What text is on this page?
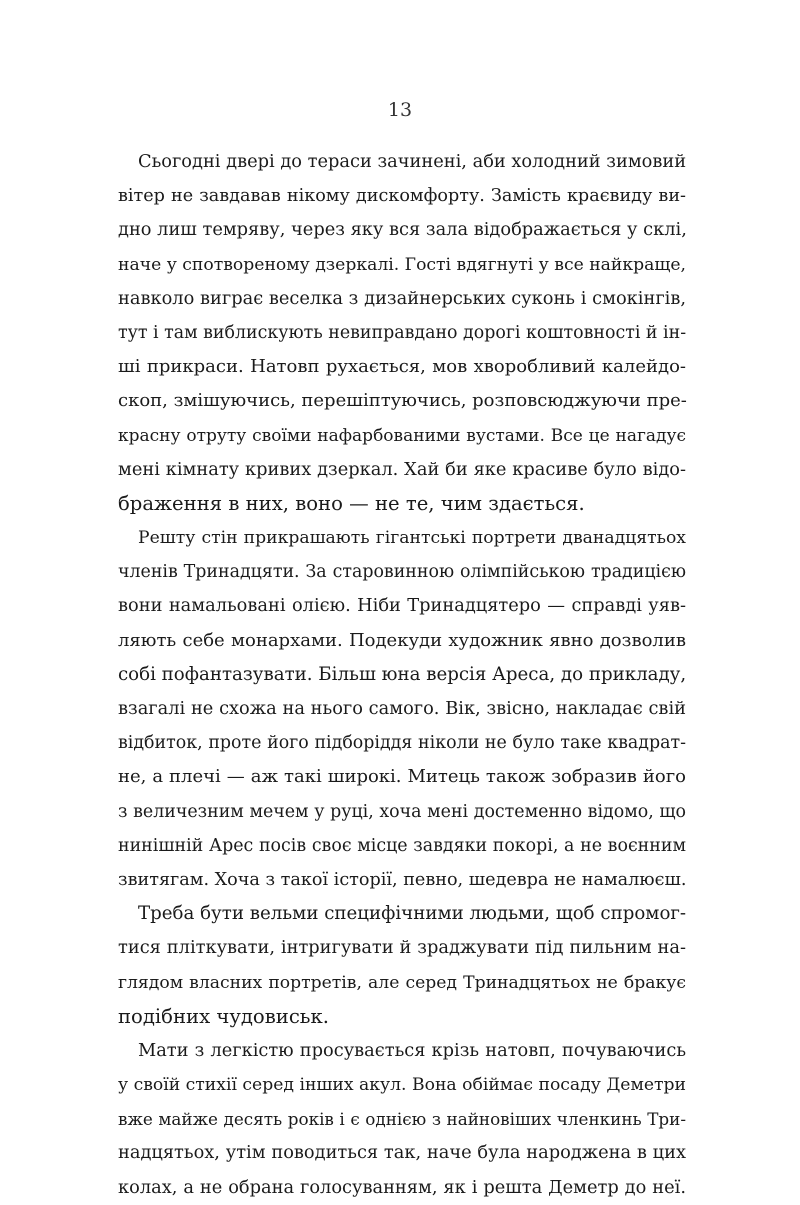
13
Сьогодні двері до тераси зачинені, аби холодний зимовий
вітер не завдавав нікому дискомфорту. Замість краєвиду ви-
дно лиш темряву, через яку вся зала відображається у склі,
наче у спотвореному дзеркалі. Гості вдягнуті у все найкраще,
навколо виграє веселка з дизайнерських суконь і смокінгів,
тут і там виблискують невиправдано дорогі коштовності й ін-
ші прикраси. Натовп рухається, мов хворобливий калейдо-
скоп, змішуючись, перешіптуючись, розповсюджуючи пре-
красну отруту своїми нафарбованими вустами. Все це нагадує
мені кімнату кривих дзеркал. Хай би яке красиве було відо-
браження в них, воно — не те, чим здається.
Решту стін прикрашають гігантські портрети дванадцятьох
членів Тринадцяти. За старовинною олімпійською традицією
вони намальовані олією. Ніби Тринадцятеро — справді уяв-
ляють себе монархами. Подекуди художник явно дозволив
собі пофантазувати. Більш юна версія Ареса, до прикладу,
взагалі не схожа на нього самого. Вік, звісно, накладає свій
відбиток, проте його підборіддя ніколи не було таке квадрат-
не, а плечі — аж такі широкі. Митець також зобразив його
з величезним мечем у руці, хоча мені достеменно відомо, що
нинішній Арес посів своє місце завдяки покорі, а не воєнним
звитягам. Хоча з такої історії, певно, шедевра не намалюєш.
Треба бути вельми специфічними людьми, щоб спромог-
тися пліткувати, інтригувати й зраджувати під пильним на-
глядом власних портретів, але серед Тринадцятьох не бракує
подібних чудовиськ.
Мати з легкістю просувається крізь натовп, почуваючись
у своїй стихії серед інших акул. Вона обіймає посаду Деметри
вже майже десять років і є однією з найновіших членкинь Три-
надцятьох, утім поводиться так, наче була народжена в цих
колах, а не обрана голосуванням, як і решта Деметр до неї.
